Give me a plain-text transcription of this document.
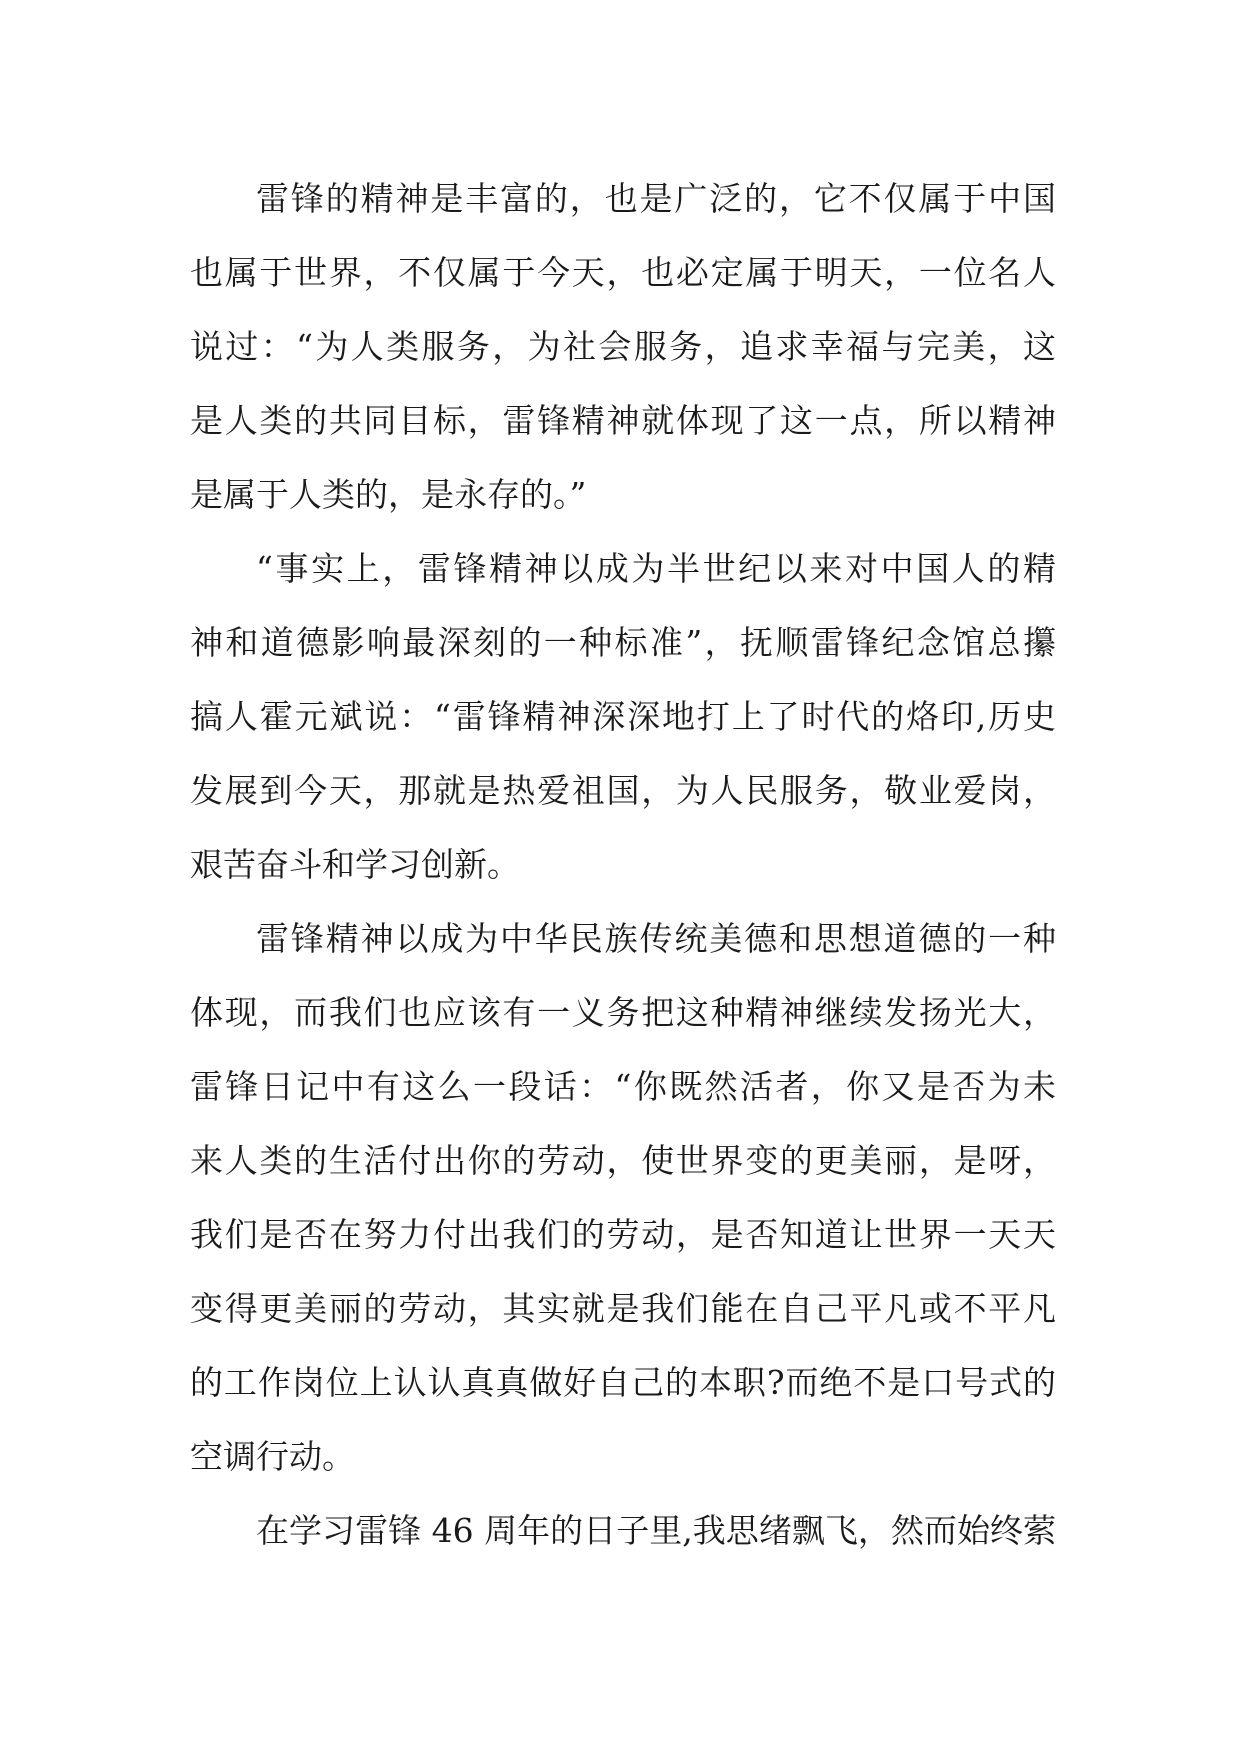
雷锋的精神是丰富的，也是广泛的，它不仅属于中国
也属于世界，不仅属于今天，也必定属于明天，一位名人
说过：“为人类服务，为社会服务，追求幸福与完美，这
是人类的共同目标，雷锋精神就体现了这一点，所以精神
是属于人类的，是永存的。”
“事实上，雷锋精神以成为半世纪以来对中国人的精
神和道德影响最深刻的一种标准”，抚顺雷锋纪念馆总攥
搞人霍元斌说：“雷锋精神深深地打上了时代的烙印,历史
发展到今天，那就是热爱祖国，为人民服务，敬业爱岗，
艰苦奋斗和学习创新。
雷锋精神以成为中华民族传统美德和思想道德的一种
体现，而我们也应该有一义务把这种精神继续发扬光大，
雷锋日记中有这么一段话：“你既然活者，你又是否为未
来人类的生活付出你的劳动，使世界变的更美丽，是呀，
我们是否在努力付出我们的劳动，是否知道让世界一天天
变得更美丽的劳动，其实就是我们能在自己平凡或不平凡
的工作岗位上认认真真做好自己的本职?而绝不是口号式的
空调行动。
在学习雷锋 46 周年的日子里,我思绪飘飞，然而始终萦
